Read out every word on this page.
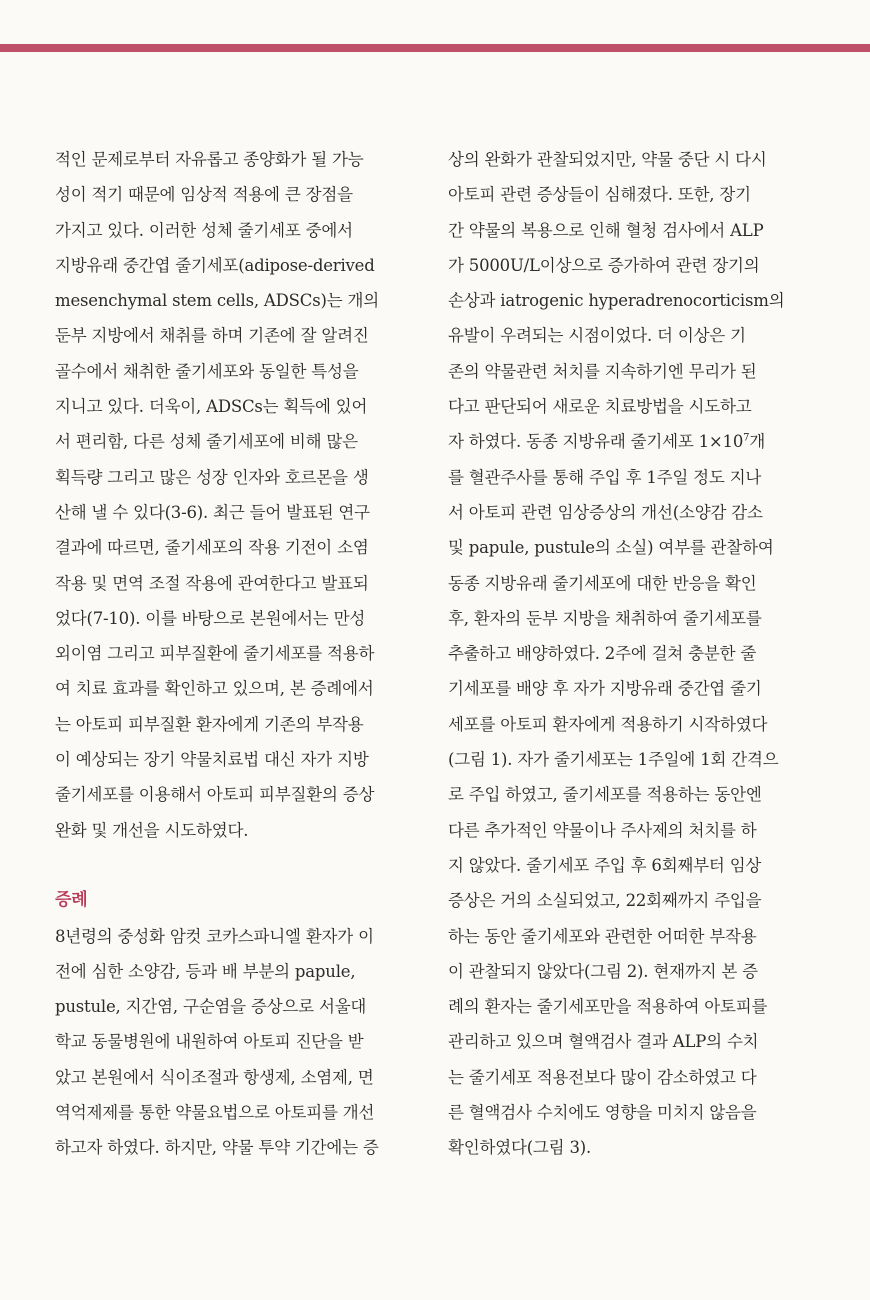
적인 문제로부터 자유롭고 종양화가 될 가능
성이 적기 때문에 임상적 적용에 큰 장점을
가지고 있다. 이러한 성체 줄기세포 중에서
지방유래 중간엽 줄기세포(adipose-derived
mesenchymal stem cells, ADSCs)는 개의
둔부 지방에서 채취를 하며 기존에 잘 알려진
골수에서 채취한 줄기세포와 동일한 특성을
지니고 있다. 더욱이, ADSCs는 획득에 있어
서 편리함, 다른 성체 줄기세포에 비해 많은
획득량 그리고 많은 성장 인자와 호르몬을 생
산해 낼 수 있다(3-6). 최근 들어 발표된 연구
결과에 따르면, 줄기세포의 작용 기전이 소염
작용 및 면역 조절 작용에 관여한다고 발표되
었다(7-10). 이를 바탕으로 본원에서는 만성
외이염 그리고 피부질환에 줄기세포를 적용하
여 치료 효과를 확인하고 있으며, 본 증례에서
는 아토피 피부질환 환자에게 기존의 부작용
이 예상되는 장기 약물치료법 대신 자가 지방
줄기세포를 이용해서 아토피 피부질환의 증상
완화 및 개선을 시도하였다.
증례
8년령의 중성화 암컷 코카스파니엘 환자가 이
전에 심한 소양감, 등과 배 부분의 papule,
pustule, 지간염, 구순염을 증상으로 서울대
학교 동물병원에 내원하여 아토피 진단을 받
았고 본원에서 식이조절과 항생제, 소염제, 면
역억제제를 통한 약물요법으로 아토피를 개선
하고자 하였다. 하지만, 약물 투약 기간에는 증
상의 완화가 관찰되었지만, 약물 중단 시 다시
아토피 관련 증상들이 심해졌다. 또한, 장기
간 약물의 복용으로 인해 혈청 검사에서 ALP
가 5000U/L이상으로 증가하여 관련 장기의
손상과 iatrogenic hyperadrenocorticism의
유발이 우려되는 시점이었다. 더 이상은 기
존의 약물관련 처치를 지속하기엔 무리가 된
다고 판단되어 새로운 치료방법을 시도하고
자 하였다. 동종 지방유래 줄기세포 $1\times 10^7$개
를 혈관주사를 통해 주입 후 1주일 정도 지나
서 아토피 관련 임상증상의 개선(소양감 감소
및 papule, pustule의 소실) 여부를 관찰하여
동종 지방유래 줄기세포에 대한 반응을 확인
후, 환자의 둔부 지방을 채취하여 줄기세포를
추출하고 배양하였다. 2주에 걸쳐 충분한 줄
기세포를 배양 후 자가 지방유래 중간엽 줄기
세포를 아토피 환자에게 적용하기 시작하였다
(그림 1). 자가 줄기세포는 1주일에 1회 간격으
로 주입 하였고, 줄기세포를 적용하는 동안엔
다른 추가적인 약물이나 주사제의 처치를 하
지 않았다. 줄기세포 주입 후 6회째부터 임상
증상은 거의 소실되었고, 22회째까지 주입을
하는 동안 줄기세포와 관련한 어떠한 부작용
이 관찰되지 않았다(그림 2). 현재까지 본 증
례의 환자는 줄기세포만을 적용하여 아토피를
관리하고 있으며 혈액검사 결과 ALP의 수치
는 줄기세포 적용전보다 많이 감소하였고 다
른 혈액검사 수치에도 영향을 미치지 않음을
확인하였다(그림 3).
